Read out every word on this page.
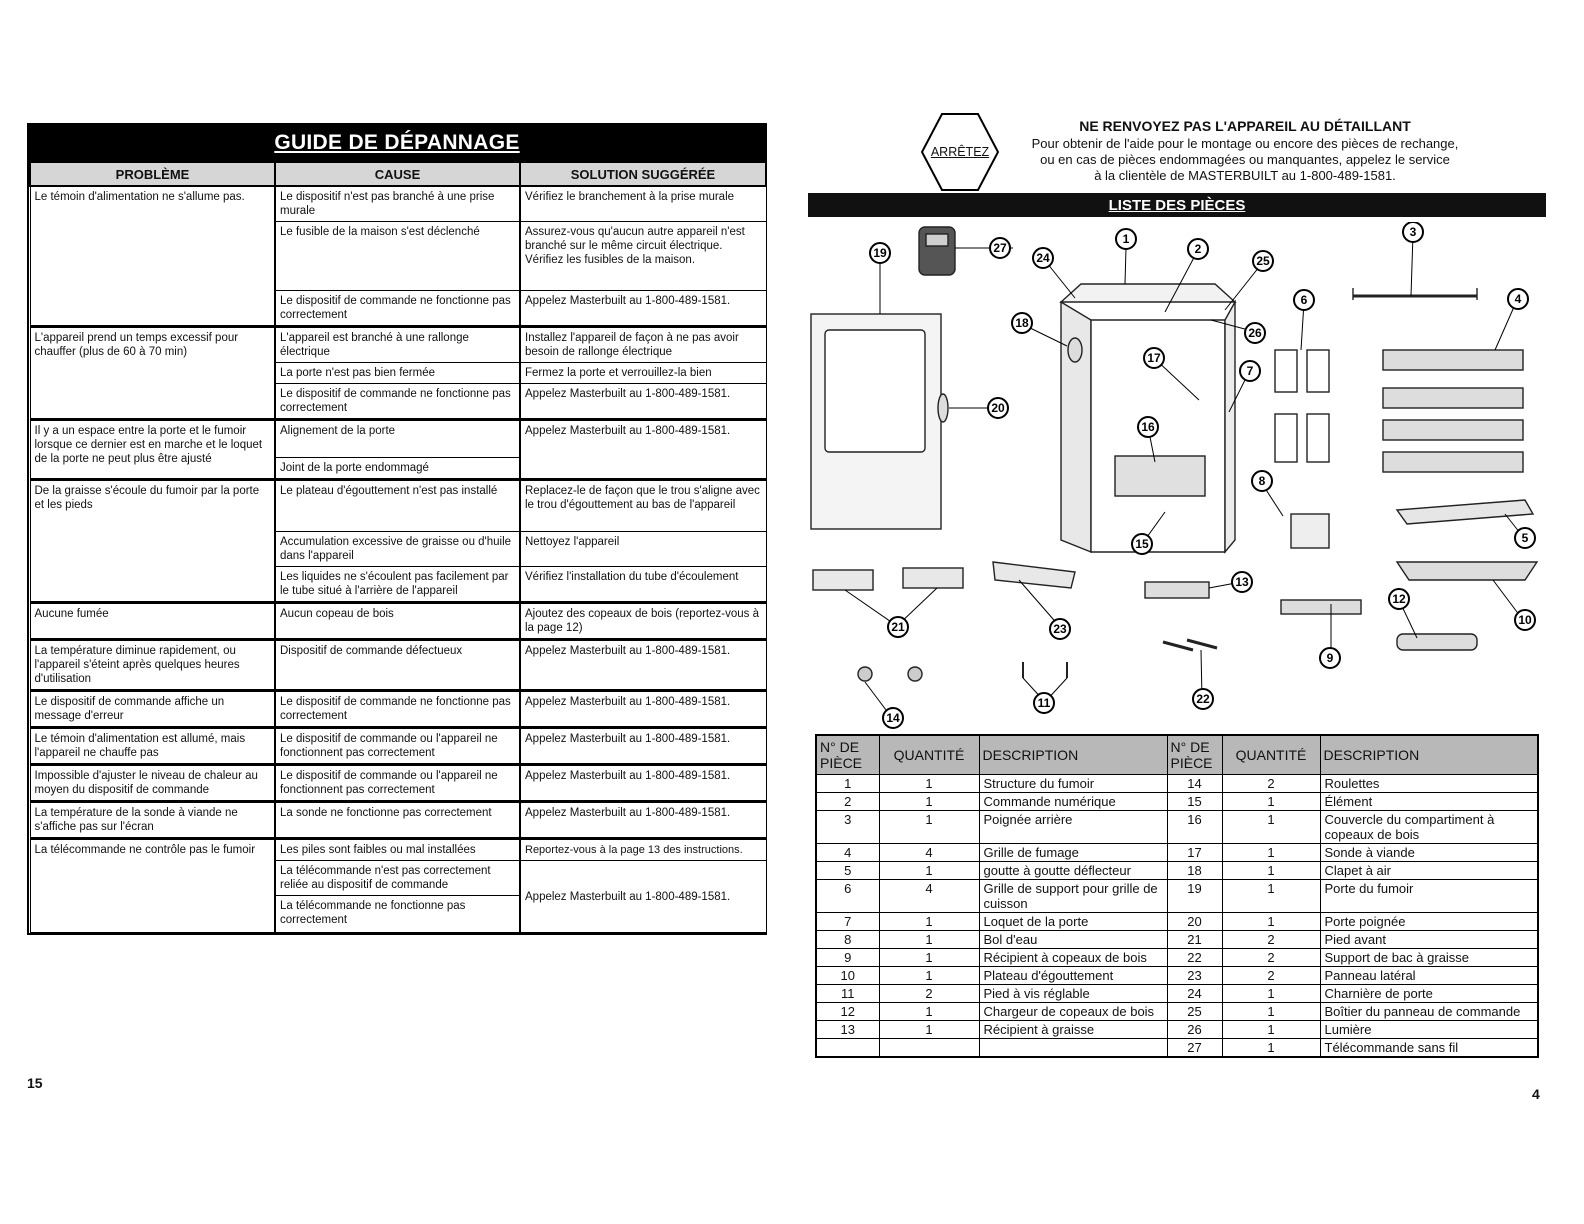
GUIDE DE DÉPANNAGE
PROBLÈME	CAUSE	SOLUTION SUGGÉRÉE
Le témoin d'alimentation ne s'allume pas.	Le dispositif n'est pas branché à une prise murale	Vérifiez le branchement à la prise murale
	Le fusible de la maison s'est déclenché	Assurez-vous qu'aucun autre appareil n'est branché sur le même circuit électrique. Vérifiez les fusibles de la maison.
	Le dispositif de commande ne fonctionne pas correctement	Appelez Masterbuilt au 1-800-489-1581.
L'appareil prend un temps excessif pour chauffer (plus de 60 à 70 min)	L'appareil est branché à une rallonge électrique	Installez l'appareil de façon à ne pas avoir besoin de rallonge électrique
	La porte n'est pas bien fermée	Fermez la porte et verrouillez-la bien
	Le dispositif de commande ne fonctionne pas correctement	Appelez Masterbuilt au 1-800-489-1581.
Il y a un espace entre la porte et le fumoir lorsque ce dernier est en marche et le loquet de la porte ne peut plus être ajusté	Alignement de la porte	Appelez Masterbuilt au 1-800-489-1581.
	Joint de la porte endommagé	
De la graisse s'écoule du fumoir par la porte et les pieds	Le plateau d'égouttement n'est pas installé	Replacez-le de façon que le trou s'aligne avec le trou d'égouttement au bas de l'appareil
	Accumulation excessive de graisse ou d'huile dans l'appareil	Nettoyez l'appareil
	Les liquides ne s'écoulent pas facilement par le tube situé à l'arrière de l'appareil	Vérifiez l'installation du tube d'écoulement
Aucune fumée	Aucun copeau de bois	Ajoutez des copeaux de bois (reportez-vous à la page 12)
La température diminue rapidement, ou l'appareil s'éteint après quelques heures d'utilisation	Dispositif de commande défectueux	Appelez Masterbuilt au 1-800-489-1581.
Le dispositif de commande affiche un message d'erreur	Le dispositif de commande ne fonctionne pas correctement	Appelez Masterbuilt au 1-800-489-1581.
Le témoin d'alimentation est allumé, mais l'appareil ne chauffe pas	Le dispositif de commande ou l'appareil ne fonctionnent pas correctement	Appelez Masterbuilt au 1-800-489-1581.
Impossible d'ajuster le niveau de chaleur au moyen du dispositif de commande	Le dispositif de commande ou l'appareil ne fonctionnent pas correctement	Appelez Masterbuilt au 1-800-489-1581.
La température de la sonde à viande ne s'affiche pas sur l'écran	La sonde ne fonctionne pas correctement	Appelez Masterbuilt au 1-800-489-1581.
La télécommande ne contrôle pas le fumoir	Les piles sont faibles ou mal installées	Reportez-vous à la page 13 des instructions.
	La télécommande n'est pas correctement reliée au dispositif de commande	Appelez Masterbuilt au 1-800-489-1581.
	La télécommande ne fonctionne pas correctement	
15
ARRÊTEZ
NE RENVOYEZ PAS L'APPAREIL AU DÉTAILLANT
Pour obtenir de l'aide pour le montage ou encore des pièces de rechange,
ou en cas de pièces endommagées ou manquantes, appelez le service
à la clientèle de MASTERBUILT au 1-800-489-1581.
LISTE DES PIÈCES
1
2
3
4
5
6
7
8
9
10
11
12
13
14
15
16
17
18
19
20
21
22
23
24	25
26
27
N° DE PIÈCE	QUANTITÉ	DESCRIPTION	N° DE PIÈCE	QUANTITÉ	DESCRIPTION
1	1	Structure du fumoir	14	2	Roulettes
2	1	Commande numérique	15	1	Élément
3	1	Poignée arrière	16	1	Couvercle du compartiment à copeaux de bois
4	4	Grille de fumage	17	1	Sonde à viande
5	1	goutte à goutte déflecteur	18	1	Clapet à air
6	4	Grille de support pour grille de cuisson	19	1	Porte du fumoir
7	1	Loquet de la porte	20	1	Porte poignée
8	1	Bol d'eau	21	2	Pied avant
9	1	Récipient à copeaux de bois	22	2	Support de bac à graisse
10	1	Plateau d'égouttement	23	2	Panneau latéral
11	2	Pied à vis réglable	24	1	Charnière de porte
12	1	Chargeur de copeaux de bois	25	1	Boîtier du panneau de commande
13	1	Récipient à graisse	26	1	Lumière
			27	1	Télécommande sans fil
4
